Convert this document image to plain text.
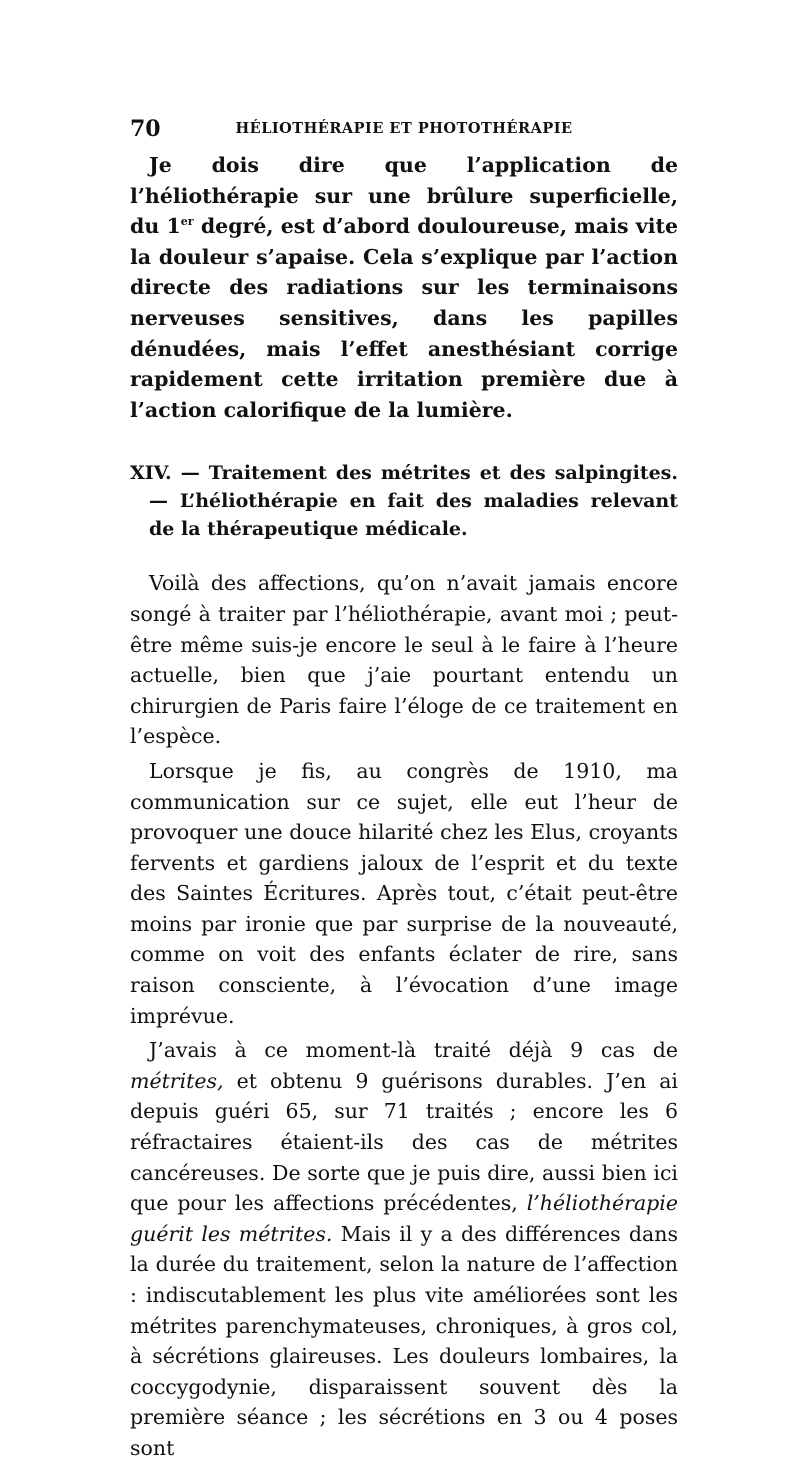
70	HÉLIOTHÉRAPIE ET PHOTOTHÉRAPIE

Je dois dire que l’application de l’héliothérapie sur une brûlure superficielle, du 1er degré, est d’abord douloureuse, mais vite la douleur s’apaise. Cela s’explique par l’action directe des radiations sur les terminaisons nerveuses sensitives, dans les papilles dénudées, mais l’effet anesthésiant corrige rapidement cette irritation première due à l’action calorifique de la lumière.

XIV. — Traitement des métrites et des salpingites. — L’héliothérapie en fait des maladies relevant de la thérapeutique médicale.

Voilà des affections, qu’on n’avait jamais encore songé à traiter par l’héliothérapie, avant moi ; peut-être même suis-je encore le seul à le faire à l’heure actuelle, bien que j’aie pourtant entendu un chirurgien de Paris faire l’éloge de ce traitement en l’espèce.

Lorsque je fis, au congrès de 1910, ma communication sur ce sujet, elle eut l’heur de provoquer une douce hilarité chez les Elus, croyants fervents et gardiens jaloux de l’esprit et du texte des Saintes Écritures. Après tout, c’était peut-être moins par ironie que par surprise de la nouveauté, comme on voit des enfants éclater de rire, sans raison consciente, à l’évocation d’une image imprévue.

J’avais à ce moment-là traité déjà 9 cas de métrites, et obtenu 9 guérisons durables. J’en ai depuis guéri 65, sur 71 traités ; encore les 6 réfractaires étaient-ils des cas de métrites cancéreuses. De sorte que je puis dire, aussi bien ici que pour les affections précédentes, l’héliothérapie guérit les métrites. Mais il y a des différences dans la durée du traitement, selon la nature de l’affection : indiscutablement les plus vite améliorées sont les métrites parenchymateuses, chroniques, à gros col, à sécrétions glaireuses. Les douleurs lombaires, la coccygodynie, disparaissent souvent dès la première séance ; les sécrétions en 3 ou 4 poses sont
